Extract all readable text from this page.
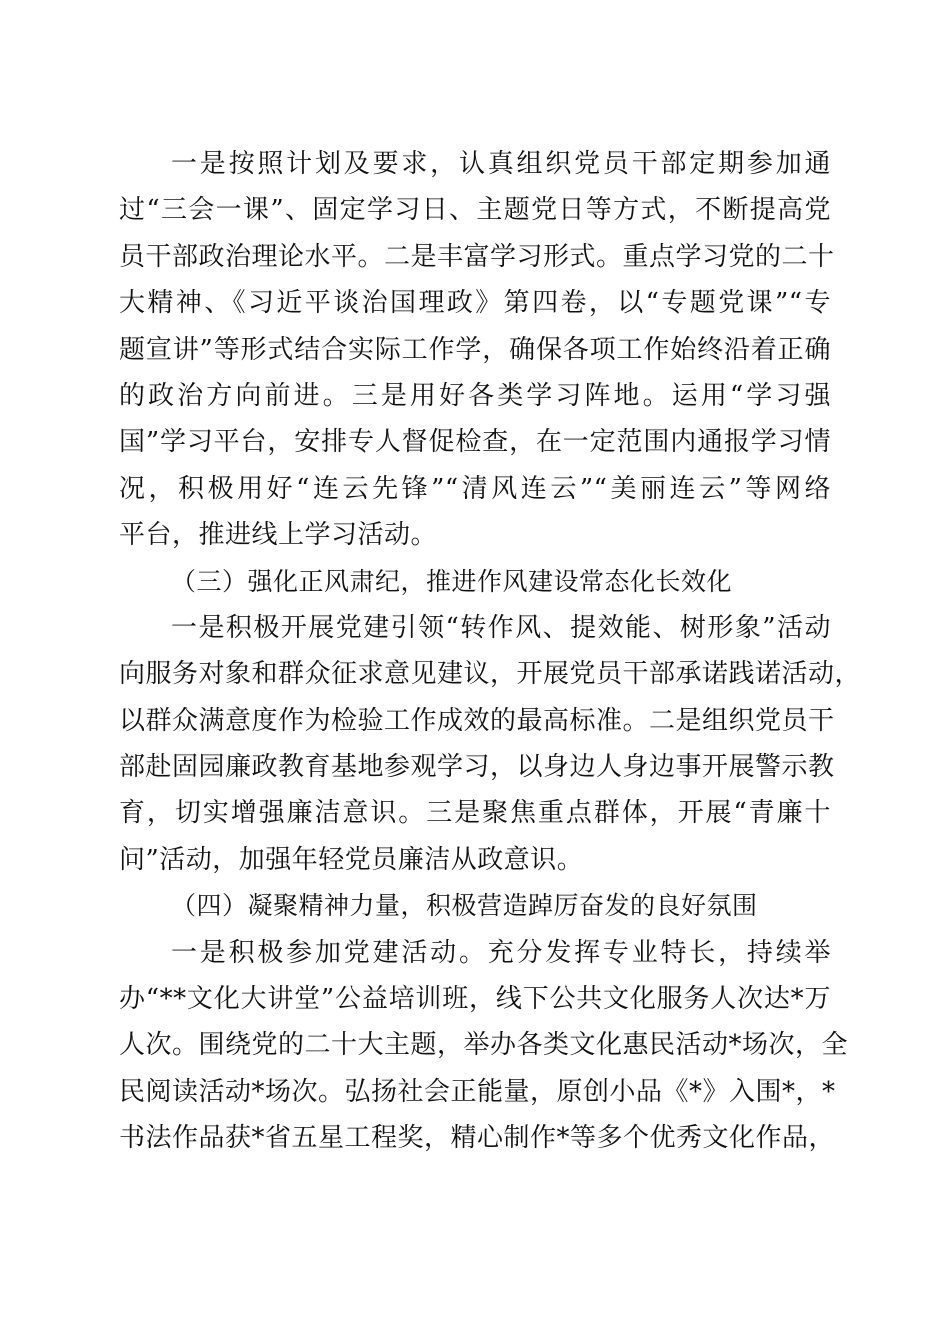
一是按照计划及要求，认真组织党员干部定期参加通
过“三会一课”、固定学习日、主题党日等方式，不断提高党
员干部政治理论水平。二是丰富学习形式。重点学习党的二十
大精神、《习近平谈治国理政》第四卷，以“专题党课”“专
题宣讲”等形式结合实际工作学，确保各项工作始终沿着正确
的政治方向前进。三是用好各类学习阵地。运用“学习强
国”学习平台，安排专人督促检查，在一定范围内通报学习情
况，积极用好“连云先锋”“清风连云”“美丽连云”等网络
平台，推进线上学习活动。
（三）强化正风肃纪，推进作风建设常态化长效化
一是积极开展党建引领“转作风、提效能、树形象”活动
向服务对象和群众征求意见建议，开展党员干部承诺践诺活动，
以群众满意度作为检验工作成效的最高标准。二是组织党员干
部赴固园廉政教育基地参观学习，以身边人身边事开展警示教
育，切实增强廉洁意识。三是聚焦重点群体，开展“青廉十
问”活动，加强年轻党员廉洁从政意识。
（四）凝聚精神力量，积极营造踔厉奋发的良好氛围
一是积极参加党建活动。充分发挥专业特长，持续举
办“**文化大讲堂”公益培训班，线下公共文化服务人次达*万
人次。围绕党的二十大主题，举办各类文化惠民活动*场次，全
民阅读活动*场次。弘扬社会正能量，原创小品《*》入围*，*
书法作品获*省五星工程奖，精心制作*等多个优秀文化作品，
